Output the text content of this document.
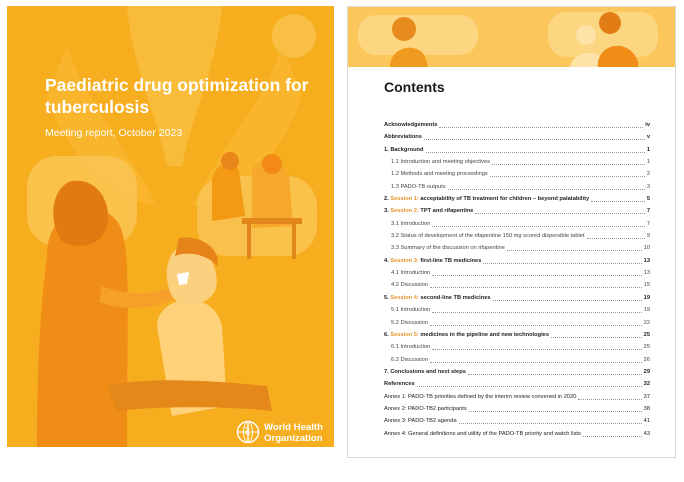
Paediatric drug optimization for tuberculosis
Meeting report, October 2023
World Health Organization
Contents
Acknowledgements	iv
Abbreviations	v
1. Background	1
1.1 Introduction and meeting objectives	1
1.2 Methods and meeting proceedings	2
1.3 PADO-TB outputs	3
2. Session 1: acceptability of TB treatment for children – beyond palatability	5
3. Session 2: TPT and rifapentine	7
3.1 Introduction	7
3.2 Status of development of the rifapentine 150 mg scored dispersible tablet	9
3.3 Summary of the discussion on rifapentine	10
4. Session 3: first-line TB medicines	13
4.1 Introduction	13
4.2 Discussion	15
5. Session 4: second-line TB medicines	19
5.1 Introduction	19
5.2 Discussion	22
6. Session 5: medicines in the pipeline and new technologies	25
6.1 Introduction	25
6.2 Discussion	26
7. Conclusions and next steps	29
References	32
Annex 1: PADO-TB priorities defined by the interim review convened in 2020	37
Annex 2: PADO-TB2 participants	38
Annex 3: PADO-TB2 agenda	41
Annex 4: General definitions and utility of the PADO-TB priority and watch lists	43
